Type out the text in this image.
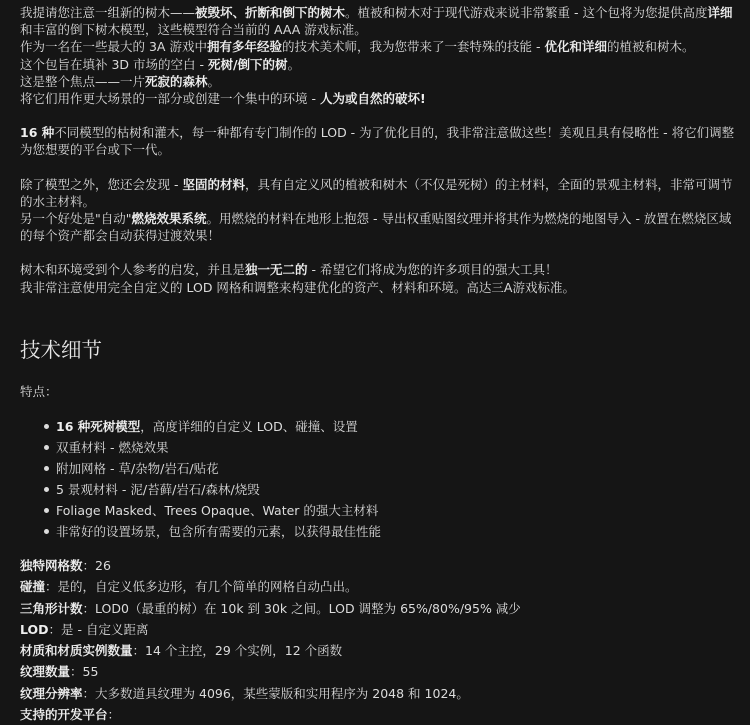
我提请您注意一组新的树木——被毁坏、折断和倒下的树木。植被和树木对于现代游戏来说非常繁重 - 这个包将为您提供高度详细和丰富的倒下树木模型，这些模型符合当前的 AAA 游戏标准。

作为一名在一些最大的 3A 游戏中拥有多年经验的技术美术师，我为您带来了一套特殊的技能 - 优化和详细的植被和树木。

这个包旨在填补 3D 市场的空白 - 死树/倒下的树。

这是整个焦点——一片死寂的森林。

将它们用作更大场景的一部分或创建一个集中的环境 - 人为或自然的破坏!

16 种不同模型的枯树和灌木，每一种都有专门制作的 LOD - 为了优化目的，我非常注意做这些！美观且具有侵略性 - 将它们调整为您想要的平台或下一代。

除了模型之外，您还会发现 - 坚固的材料，具有自定义风的植被和树木（不仅是死树）的主材料，全面的景观主材料，非常可调节的水主材料。

另一个好处是"自动"燃烧效果系统。用燃烧的材料在地形上抱怨 - 导出权重贴图纹理并将其作为燃烧的地图导入 - 放置在燃烧区域的每个资产都会自动获得过渡效果！

树木和环境受到个人参考的启发，并且是独一无二的 - 希望它们将成为您的许多项目的强大工具！

我非常注意使用完全自定义的 LOD 网格和调整来构建优化的资产、材料和环境。高达三A游戏标准。

技术细节
特点：
16 种死树模型，高度详细的自定义 LOD、碰撞、设置
双重材料 - 燃烧效果
附加网格 - 草/杂物/岩石/贴花
5 景观材料 - 泥/苔藓/岩石/森林/烧毁
Foliage Masked、Trees Opaque、Water 的强大主材料
非常好的设置场景，包含所有需要的元素，以获得最佳性能

独特网格数：26

碰撞：是的，自定义低多边形，有几个简单的网格自动凸出。

三角形计数：LOD0（最重的树）在 10k 到 30k 之间。LOD 调整为 65%/80%/95% 减少

LOD：是 - 自定义距离

材质和材质实例数量：14 个主控，29 个实例，12 个函数

纹理数量：55

纹理分辨率：大多数道具纹理为 4096，某些蒙版和实用程序为 2048 和 1024。

支持的开发平台：
